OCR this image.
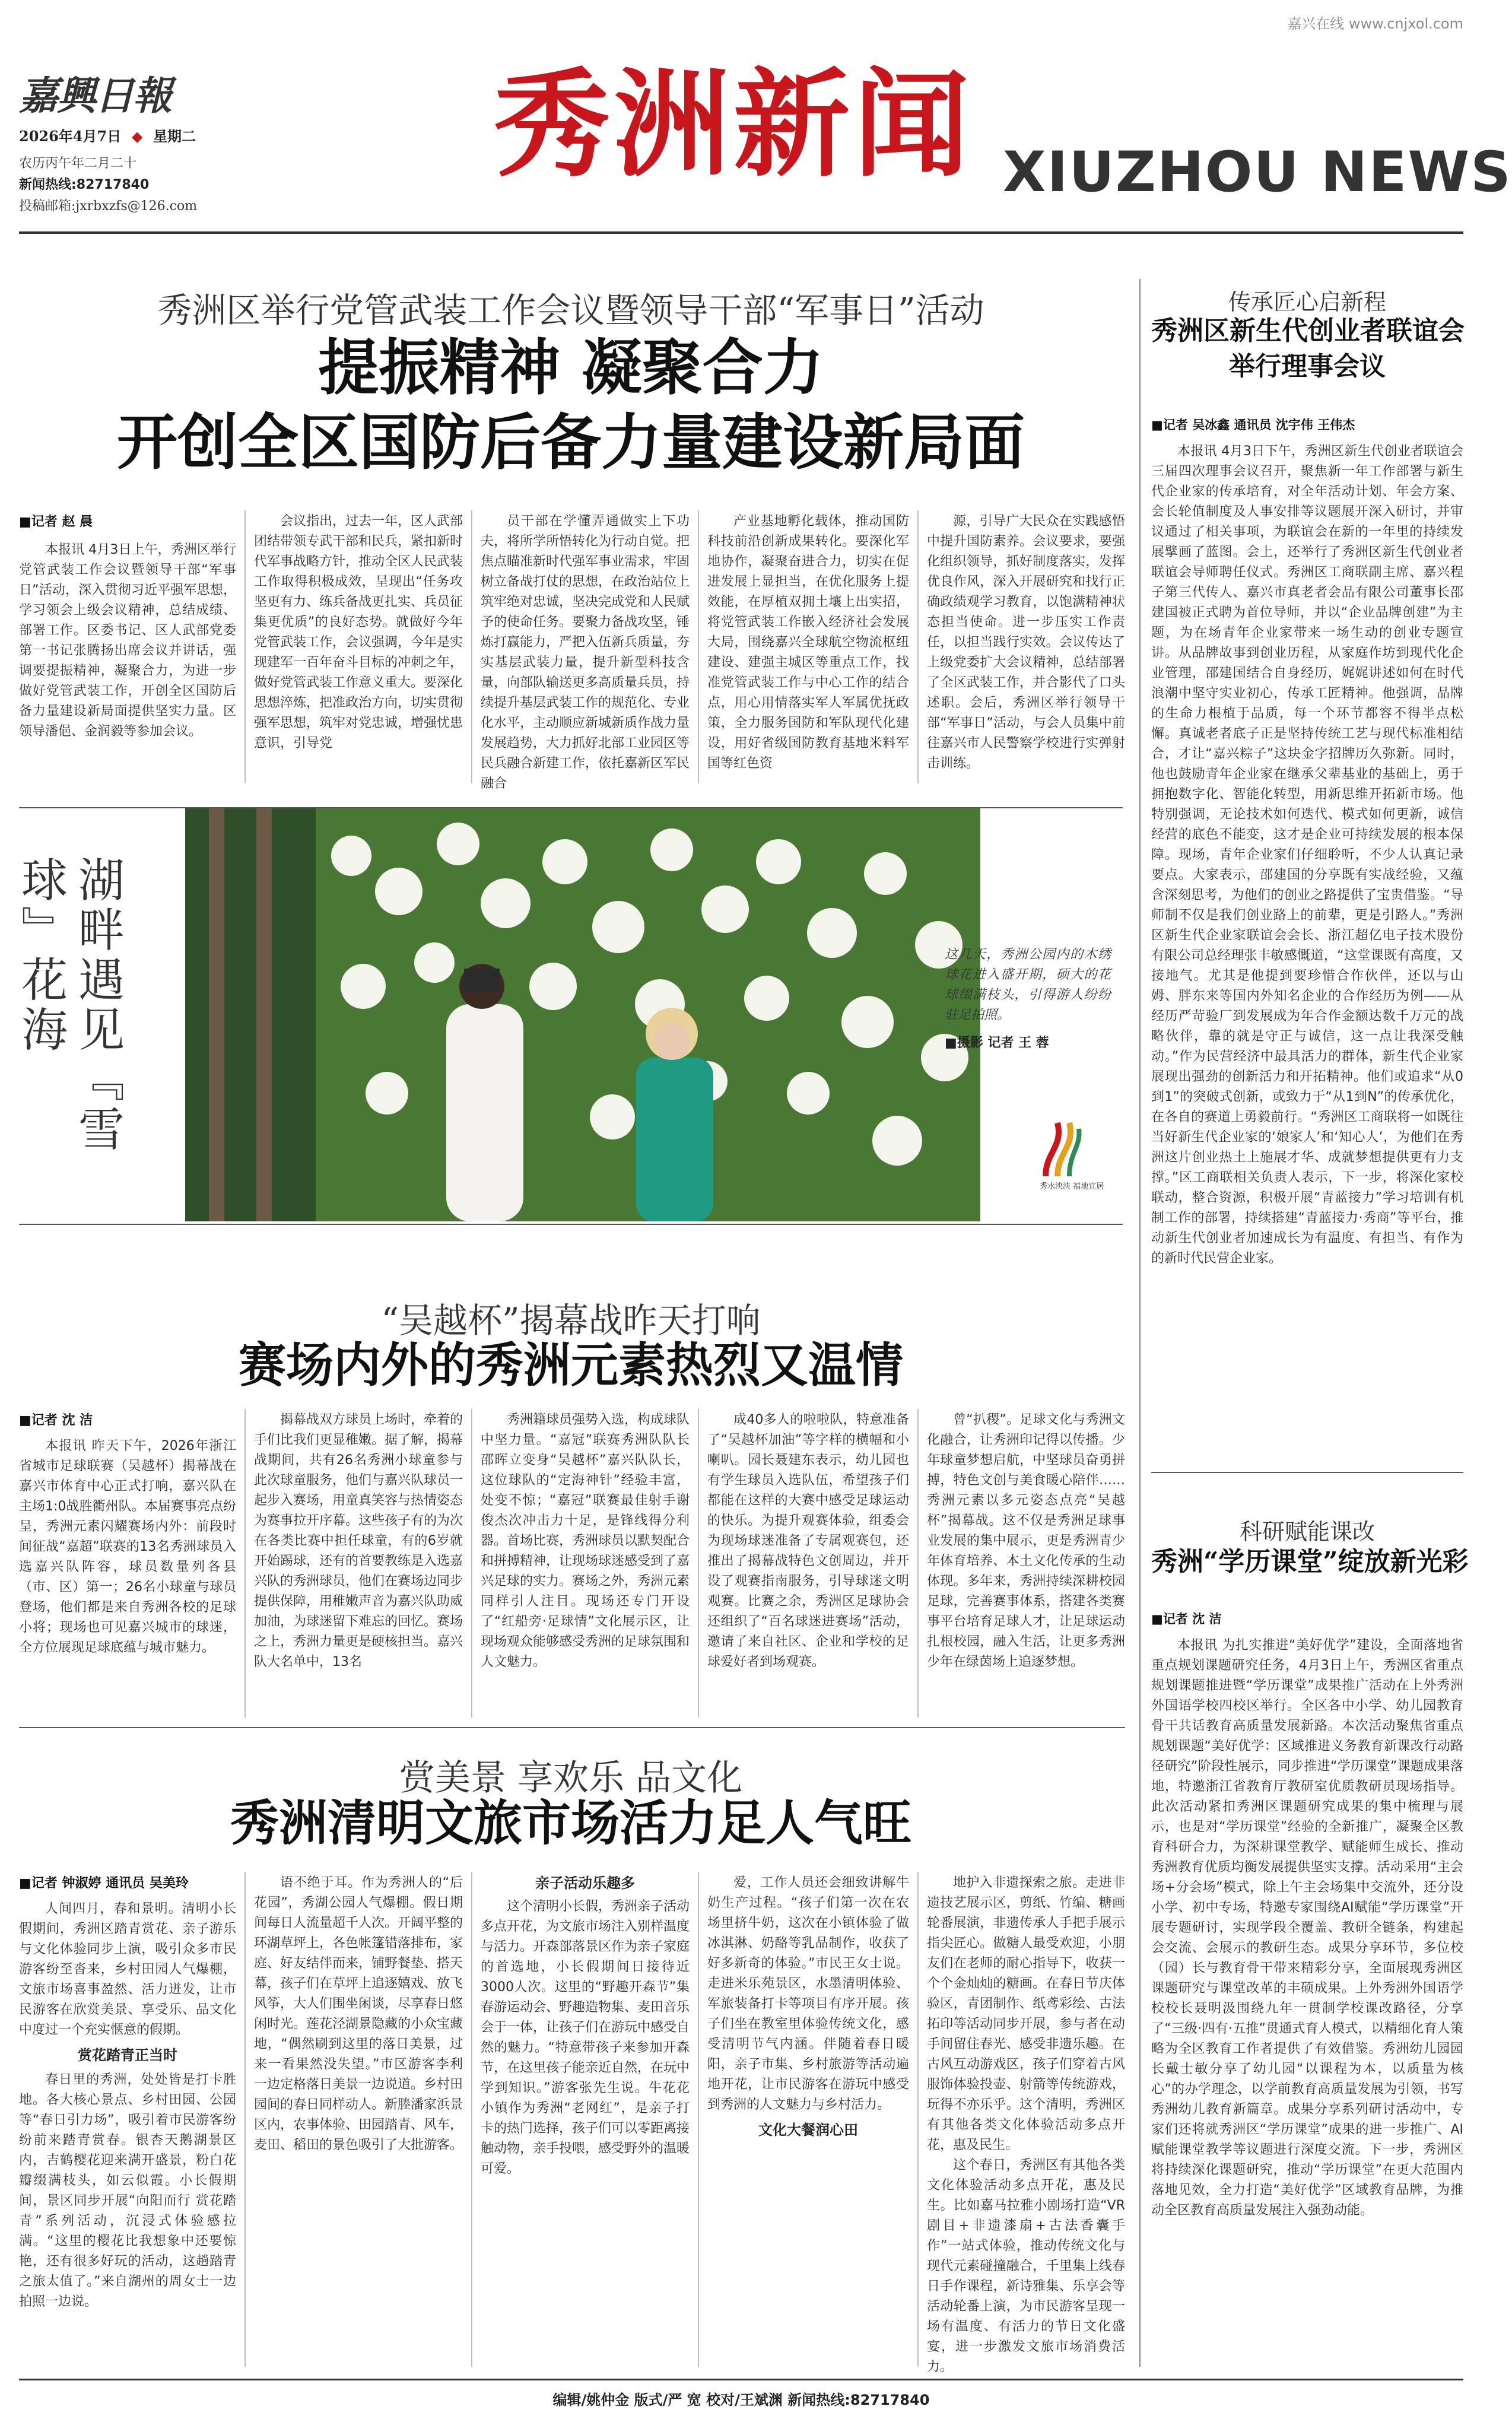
嘉兴在线 www.cnjxol.com
嘉興日報
2026年4月7日 ◆ 星期二
农历丙午年二月二十
新闻热线:82717840
投稿邮箱:jxrbxzfs@126.com
秀洲新闻 XIUZHOU NEWS
秀洲区举行党管武装工作会议暨领导干部“军事日”活动
提振精神 凝聚合力
开创全区国防后备力量建设新局面
■记者 赵 晨

本报讯 4月3日上午，秀洲区举行党管武装工作会议暨领导干部“军事日”活动，深入贯彻习近平强军思想，学习领会上级会议精神，总结成绩、部署工作。区委书记、区人武部党委第一书记张腾扬出席会议并讲话，强调要提振精神，凝聚合力，为进一步做好党管武装工作，开创全区国防后备力量建设新局面提供坚实力量。区领导潘俋、金润毅等参加会议。

会议指出，过去一年，区人武部团结带领专武干部和民兵，紧扣新时代军事战略方针，推动全区人民武装工作取得积极成效，呈现出“任务攻坚更有力、练兵备战更扎实、兵员征集更优质”的良好态势。就做好今年党管武装工作，会议强调，今年是实现建军一百年奋斗目标的冲刺之年，做好党管武装工作意义重大。要深化思想淬炼，把准政治方向，切实贯彻强军思想，筑牢对党忠诚，增强忧患意识，引导党

员干部在学懂弄通做实上下功夫，将所学所悟转化为行动自觉。把焦点瞄准新时代强军事业需求，牢固树立备战打仗的思想，在政治站位上筑牢绝对忠诚，坚决完成党和人民赋予的使命任务。要聚力备战攻坚，锤炼打赢能力，严把入伍新兵质量，夯实基层武装力量，提升新型科技含量，向部队输送更多高质量兵员，持续提升基层武装工作的规范化、专业化水平，主动顺应新城新质作战力量发展趋势，大力抓好北部工业园区等民兵融合新建工作，依托嘉新区军民融合

产业基地孵化载体，推动国防科技前沿创新成果转化。要深化军地协作，凝聚奋进合力，切实在促进发展上显担当，在优化服务上提效能，在厚植双拥土壤上出实招，将党管武装工作嵌入经济社会发展大局，围绕嘉兴全球航空物流枢纽建设、建强主城区等重点工作，找准党管武装工作与中心工作的结合点，用心用情落实军人军属优抚政策，全力服务国防和军队现代化建设，用好省级国防教育基地米料军国等红色资

源，引导广大民众在实践感悟中提升国防素养。会议要求，要强化组织领导，抓好制度落实，发挥优良作风，深入开展研究和找行正确政绩观学习教育，以饱满精神状态担当使命。进一步压实工作责任，以担当践行实效。会议传达了上级党委扩大会议精神，总结部署了全区武装工作，并合影代了口头述职。会后，秀洲区举行领导干部“军事日”活动，与会人员集中前往嘉兴市人民警察学校进行实弹射击训练。

湖畔遇见『雪球』花海	这几天，秀洲公园内的木绣球花进入盛开期，硕大的花球缀满枝头，引得游人纷纷驻足拍照。
■摄影 记者 王 蓉
秀水泱泱 福地宜居
“吴越杯”揭幕战昨天打响
赛场内外的秀洲元素热烈又温情
■记者 沈 洁

本报讯 昨天下午，2026年浙江省城市足球联赛（吴越杯）揭幕战在嘉兴市体育中心正式打响，嘉兴队在主场1:0战胜衢州队。本届赛事亮点纷呈，秀洲元素闪耀赛场内外：前段时间征战“嘉超”联赛的13名秀洲球员入选嘉兴队阵容，球员数量列各县（市、区）第一；26名小球童与球员登场，他们都是来自秀洲各校的足球小将；现场也可见嘉兴城市的球迷，全方位展现足球底蕴与城市魅力。

揭幕战双方球员上场时，牵着的手们比我们更显稚嫩。据了解，揭幕战期间，共有26名秀洲小球童参与此次球童服务，他们与嘉兴队球员一起步入赛场，用童真笑容与热情姿态为赛事拉开序幕。这些孩子有的为次在各类比赛中担任球童，有的6岁就开始踢球，还有的首要教练是入选嘉兴队的秀洲球员，他们在赛场边同步提供保障，用稚嫩声音为嘉兴队助威加油，为球迷留下难忘的回忆。赛场之上，秀洲力量更是硬核担当。嘉兴队大名单中，13名

秀洲籍球员强势入选，构成球队中坚力量。“嘉冠”联赛秀洲队队长邵晖立变身“吴越杯”嘉兴队队长，这位球队的“定海神针”经验丰富，处变不惊；“嘉冠”联赛最佳射手谢俊杰次冲击力十足，是锋线得分利器。首场比赛，秀洲球员以默契配合和拼搏精神，让现场球迷感受到了嘉兴足球的实力。赛场之外，秀洲元素同样引人注目。现场还专门开设了“红船旁·足球情”文化展示区，让现场观众能够感受秀洲的足球氛围和人文魅力。

成40多人的啦啦队，特意准备了“吴越杯加油”等字样的横幅和小喇叭。园长聂建东表示，幼儿园也有学生球员入选队伍，希望孩子们都能在这样的大赛中感受足球运动的快乐。为提升观赛体验，组委会为现场球迷准备了专属观赛包，还推出了揭幕战特色文创周边，并开设了观赛指南服务，引导球迷文明观赛。比赛之余，秀洲区足球协会还组织了“百名球迷进赛场”活动，邀请了来自社区、企业和学校的足球爱好者到场观赛。

曾“扒稷”。足球文化与秀洲文化融合，让秀洲印记得以传播。少年球童梦想启航，中坚球员奋勇拼搏，特色文创与美食暖心陪伴……秀洲元素以多元姿态点亮“吴越杯”揭幕战。这不仅是秀洲足球事业发展的集中展示，更是秀洲青少年体育培养、本土文化传承的生动体现。多年来，秀洲持续深耕校园足球，完善赛事体系，搭建各类赛事平台培育足球人才，让足球运动扎根校园，融入生活，让更多秀洲少年在绿茵场上追逐梦想。

赏美景 享欢乐 品文化
秀洲清明文旅市场活力足人气旺
■记者 钟淑婷 通讯员 吴美玲

人间四月，春和景明。清明小长假期间，秀洲区踏青赏花、亲子游乐与文化体验同步上演，吸引众多市民游客纷至沓来，乡村田园人气爆棚，文旅市场喜事盈然、活力迸发，让市民游客在欣赏美景、享受乐、品文化中度过一个充实惬意的假期。

赏花踏青正当时

春日里的秀洲，处处皆是打卡胜地。各大核心景点、乡村田园、公园等“春日引力场”，吸引着市民游客纷纷前来踏青赏春。银杏天鹅湖景区内，吉鹤樱花迎来满开盛景，粉白花瓣缀满枝头，如云似霞。小长假期间，景区同步开展“向阳而行 赏花踏青”系列活动，沉浸式体验感拉满。“这里的樱花比我想象中还要惊艳，还有很多好玩的活动，这趟踏青之旅太值了。”来自湖州的周女士一边拍照一边说。

语不绝于耳。作为秀洲人的“后花园”，秀湖公园人气爆棚。假日期间每日人流量超千人次。开阔平整的环湖草坪上，各色帐篷错落排布，家庭、好友结伴而来，铺野餐垫、搭天幕，孩子们在草坪上追逐嬉戏、放飞风筝，大人们围坐闲谈，尽享春日悠闲时光。莲花泾湖景隐藏的小众宝藏地，“偶然刷到这里的落日美景，过来一看果然没失望。”市区游客李利一边定格落日美景一边说道。乡村田园间的春日同样动人。新塍潘家浜景区内，农事体验、田园踏青、风车，麦田、稻田的景色吸引了大批游客。

亲子活动乐趣多

这个清明小长假，秀洲亲子活动多点开花，为文旅市场注入别样温度与活力。开森部落景区作为亲子家庭的首选地，小长假期间日接待近3000人次。这里的“野趣开森节”集春游运动会、野趣造物集、麦田音乐会于一体，让孩子们在游玩中感受自然的魅力。“特意带孩子来参加开森节，在这里孩子能亲近自然，在玩中学到知识。”游客张先生说。牛花花小镇作为秀洲“老网红”，是亲子打卡的热门选择，孩子们可以零距离接触动物，亲手投喂，感受野外的温暖可爱。

爱，工作人员还会细致讲解牛奶生产过程。“孩子们第一次在农场里挤牛奶，这次在小镇体验了做冰淇淋、奶酪等乳品制作，收获了好多新奇的体验。”市民王女士说。走进米乐苑景区，水墨清明体验、军旅装备打卡等项目有序开展。孩子们坐在教室里体验传统文化，感受清明节气内涵。伴随着春日暖阳，亲子市集、乡村旅游等活动遍地开花，让市民游客在游玩中感受到秀洲的人文魅力与乡村活力。

文化大餐润心田

地护入非遗探索之旅。走进非遗技艺展示区，剪纸、竹编、糖画轮番展演，非遗传承人手把手展示指尖匠心。做糖人最受欢迎，小朋友们在老师的耐心指导下，收获一个个金灿灿的糖画。在春日节庆体验区，青团制作、纸鸢彩绘、古法拓印等活动同步开展，参与者在动手间留住春光、感受非遗乐趣。在古风互动游戏区，孩子们穿着古风服饰体验投壶、射箭等传统游戏，玩得不亦乐乎。这个清明，秀洲区有其他各类文化体验活动多点开花，惠及民生。

这个春日，秀洲区有其他各类文化体验活动多点开花，惠及民生。比如嘉马拉雅小剧场打造“VR剧目+非遗漆扇+古法香囊手作”一站式体验，推动传统文化与现代元素碰撞融合，千里集上线春日手作课程，新诗雅集、乐享会等活动轮番上演，为市民游客呈现一场有温度、有活力的节日文化盛宴，进一步激发文旅市场消费活力。

传承匠心启新程
秀洲区新生代创业者联谊会
举行理事会议
■记者 吴冰鑫 通讯员 沈宇伟 王伟杰

本报讯 4月3日下午，秀洲区新生代创业者联谊会三届四次理事会议召开，聚焦新一年工作部署与新生代企业家的传承培育，对全年活动计划、年会方案、会长轮值制度及人事安排等议题展开深入研讨，并审议通过了相关事项，为联谊会在新的一年里的持续发展擘画了蓝图。会上，还举行了秀洲区新生代创业者联谊会导师聘任仪式。秀洲区工商联副主席、嘉兴程子第三代传人、嘉兴市真老者会品有限公司董事长邵建国被正式聘为首位导师，并以“企业品牌创建”为主题，为在场青年企业家带来一场生动的创业专题宣讲。从品牌故事到创业历程，从家庭作坊到现代化企业管理，邵建国结合自身经历，娓娓讲述如何在时代浪潮中坚守实业初心，传承工匠精神。他强调，品牌的生命力根植于品质，每一个环节都容不得半点松懈。真诚老者底子正是坚持传统工艺与现代标准相结合，才让“嘉兴粽子”这块金字招牌历久弥新。同时，他也鼓励青年企业家在继承父辈基业的基础上，勇于拥抱数字化、智能化转型，用新思维开拓新市场。他特别强调，无论技术如何迭代、模式如何更新，诚信经营的底色不能变，这才是企业可持续发展的根本保障。现场，青年企业家们仔细聆听，不少人认真记录要点。大家表示，邵建国的分享既有实战经验，又蕴含深刻思考，为他们的创业之路提供了宝贵借鉴。“导师制不仅是我们创业路上的前辈，更是引路人。”秀洲区新生代企业家联谊会会长、浙江超亿电子技术股份有限公司总经理张丰敏感慨道，“这堂课既有高度，又接地气。尤其是他提到要珍惜合作伙伴，还以与山姆、胖东来等国内外知名企业的合作经历为例——从经历严苛验厂到发展成为年合作金额达数千万元的战略伙伴，靠的就是守正与诚信，这一点让我深受触动。”作为民营经济中最具活力的群体，新生代企业家展现出强劲的创新活力和开拓精神。他们或追求“从0到1”的突破式创新，或致力于“从1到N”的传承优化，在各自的赛道上勇毅前行。“秀洲区工商联将一如既往当好新生代企业家的‘娘家人’和‘知心人’，为他们在秀洲这片创业热土上施展才华、成就梦想提供更有力支撑。”区工商联相关负责人表示，下一步，将深化家校联动，整合资源，积极开展“青蓝接力”学习培训有机制工作的部署，持续搭建“青蓝接力·秀商”等平台，推动新生代创业者加速成长为有温度、有担当、有作为的新时代民营企业家。

科研赋能课改
秀洲“学历课堂”绽放新光彩
■记者 沈 洁

本报讯 为扎实推进“美好优学”建设，全面落地省重点规划课题研究任务，4月3日上午，秀洲区省重点规划课题推进暨“学历课堂”成果推广活动在上外秀洲外国语学校四校区举行。全区各中小学、幼儿园教育骨干共话教育高质量发展新路。本次活动聚焦省重点规划课题“美好优学：区域推进义务教育新课改行动路径研究”阶段性展示，同步推进“学历课堂”课题成果落地，特邀浙江省教育厅教研室优质教研员现场指导。此次活动紧扣秀洲区课题研究成果的集中梳理与展示，也是对“学历课堂”经验的全新推广，凝聚全区教育科研合力，为深耕课堂教学、赋能师生成长、推动秀洲教育优质均衡发展提供坚实支撑。活动采用“主会场+分会场”模式，除上午主会场集中交流外，还分设小学、初中专场，特邀专家围绕AI赋能“学历课堂”开展专题研讨，实现学段全覆盖、教研全链条，构建起会交流、会展示的教研生态。成果分享环节，多位校（园）长与教育骨干带来精彩分享，全面展现秀洲区课题研究与课堂改革的丰硕成果。上外秀洲外国语学校校长聂明汲围绕九年一贯制学校课改路径，分享了“三级·四有·五推”贯通式育人模式，以精细化育人策略为全区教育工作者提供了有效借鉴。秀洲幼儿园园长戴士敏分享了幼儿园“以课程为本，以质量为核心”的办学理念，以学前教育高质量发展为引领，书写秀洲幼儿教育新篇章。成果分享系列研讨活动中，专家们还将就秀洲区“学历课堂”成果的进一步推广、AI赋能课堂教学等议题进行深度交流。下一步，秀洲区将持续深化课题研究，推动“学历课堂”在更大范围内落地见效，全力打造“美好优学”区域教育品牌，为推动全区教育高质量发展注入强劲动能。

编辑/姚仲金 版式/严 宽 校对/王斌渊 新闻热线:82717840
